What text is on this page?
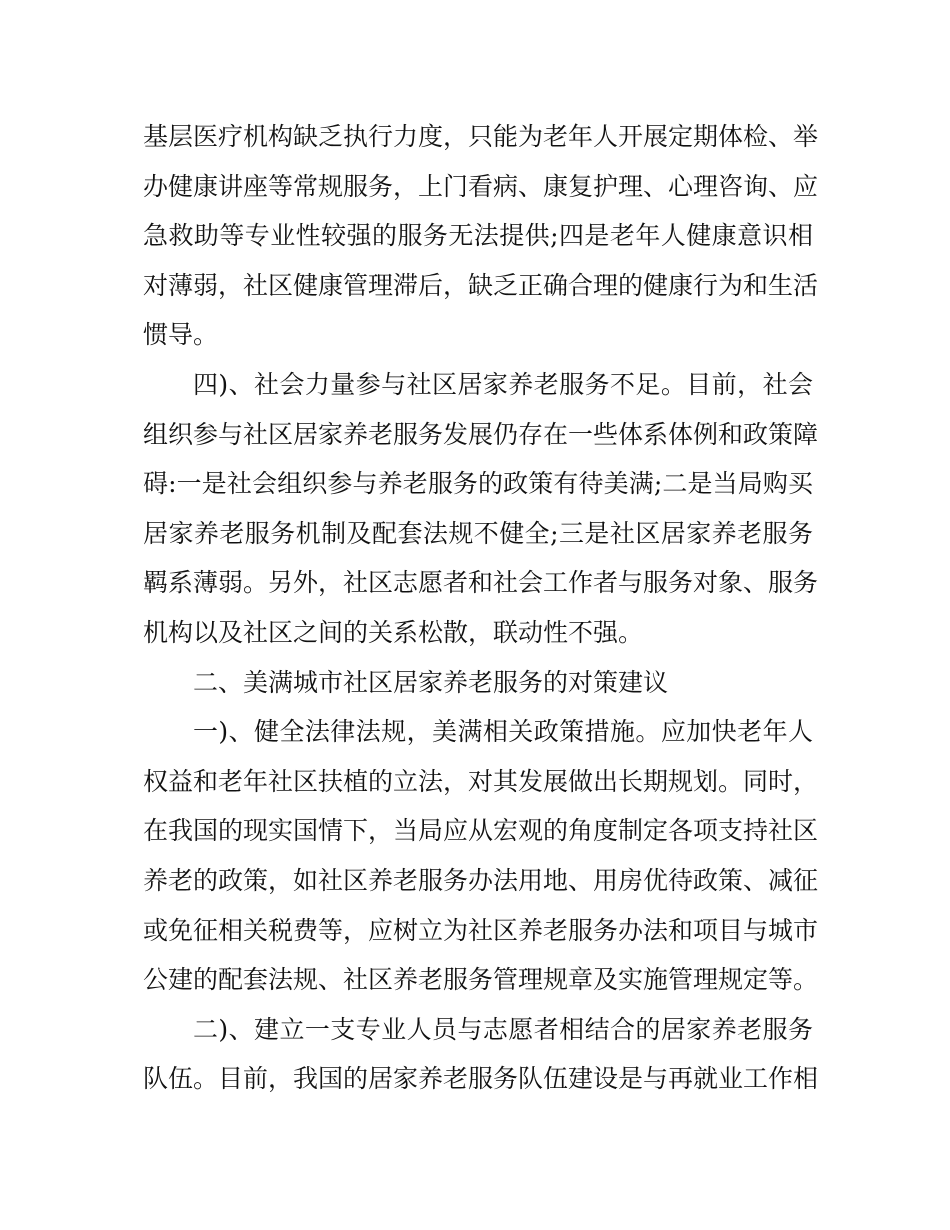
基层医疗机构缺乏执行力度，只能为老年人开展定期体检、举
办健康讲座等常规服务，上门看病、康复护理、心理咨询、应
急救助等专业性较强的服务无法提供;四是老年人健康意识相
对薄弱，社区健康管理滞后，缺乏正确合理的健康行为和生活
惯导。
四)、社会力量参与社区居家养老服务不足。目前，社会
组织参与社区居家养老服务发展仍存在一些体系体例和政策障
碍:一是社会组织参与养老服务的政策有待美满;二是当局购买
居家养老服务机制及配套法规不健全;三是社区居家养老服务
羁系薄弱。另外，社区志愿者和社会工作者与服务对象、服务
机构以及社区之间的关系松散，联动性不强。
二、美满城市社区居家养老服务的对策建议
一)、健全法律法规，美满相关政策措施。应加快老年人
权益和老年社区扶植的立法，对其发展做出长期规划。同时，
在我国的现实国情下，当局应从宏观的角度制定各项支持社区
养老的政策，如社区养老服务办法用地、用房优待政策、减征
或免征相关税费等，应树立为社区养老服务办法和项目与城市
公建的配套法规、社区养老服务管理规章及实施管理规定等。
二)、建立一支专业人员与志愿者相结合的居家养老服务
队伍。目前，我国的居家养老服务队伍建设是与再就业工作相
